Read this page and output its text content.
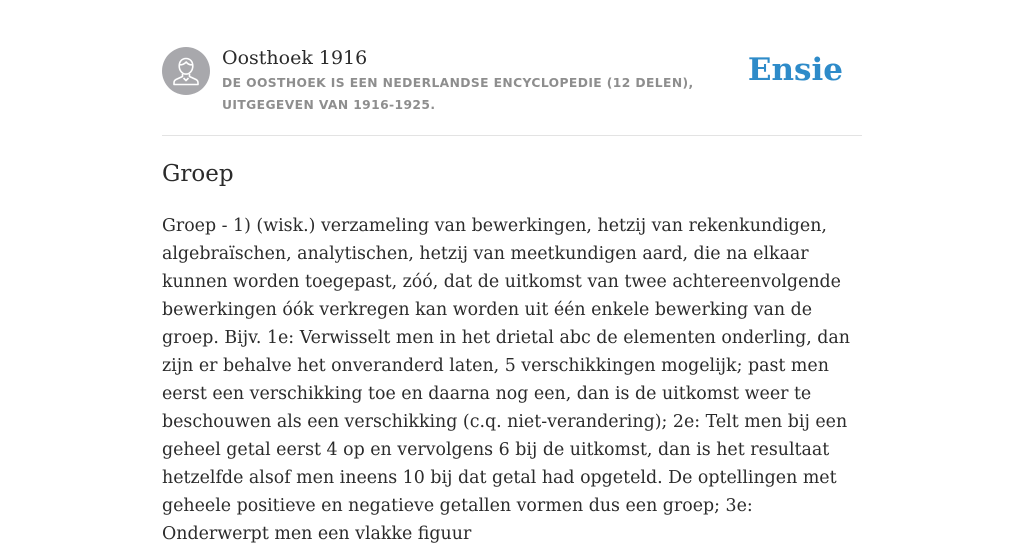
Oosthoek 1916
DE OOSTHOEK IS EEN NEDERLANDSE ENCYCLOPEDIE (12 DELEN), UITGEGEVEN VAN 1916-1925.
Ensie
Groep

Groep - 1) (wisk.) verzameling van bewerkingen, hetzij van rekenkundigen, algebraïschen, analytischen, hetzij van meetkundigen aard, die na elkaar kunnen worden toegepast, zóó, dat de uitkomst van twee achtereenvolgende bewerkingen óók verkregen kan worden uit één enkele bewerking van de groep. Bijv. 1e: Verwisselt men in het drietal abc de elementen onderling, dan zijn er behalve het onveranderd laten, 5 verschikkingen mogelijk; past men eerst een verschikking toe en daarna nog een, dan is de uitkomst weer te beschouwen als een verschikking (c.q. niet-verandering); 2e: Telt men bij een geheel getal eerst 4 op en vervolgens 6 bij de uitkomst, dan is het resultaat hetzelfde alsof men ineens 10 bij dat getal had opgeteld. De optellingen met geheele positieve en negatieve getallen vormen dus een groep; 3e: Onderwerpt men een vlakke figuur
